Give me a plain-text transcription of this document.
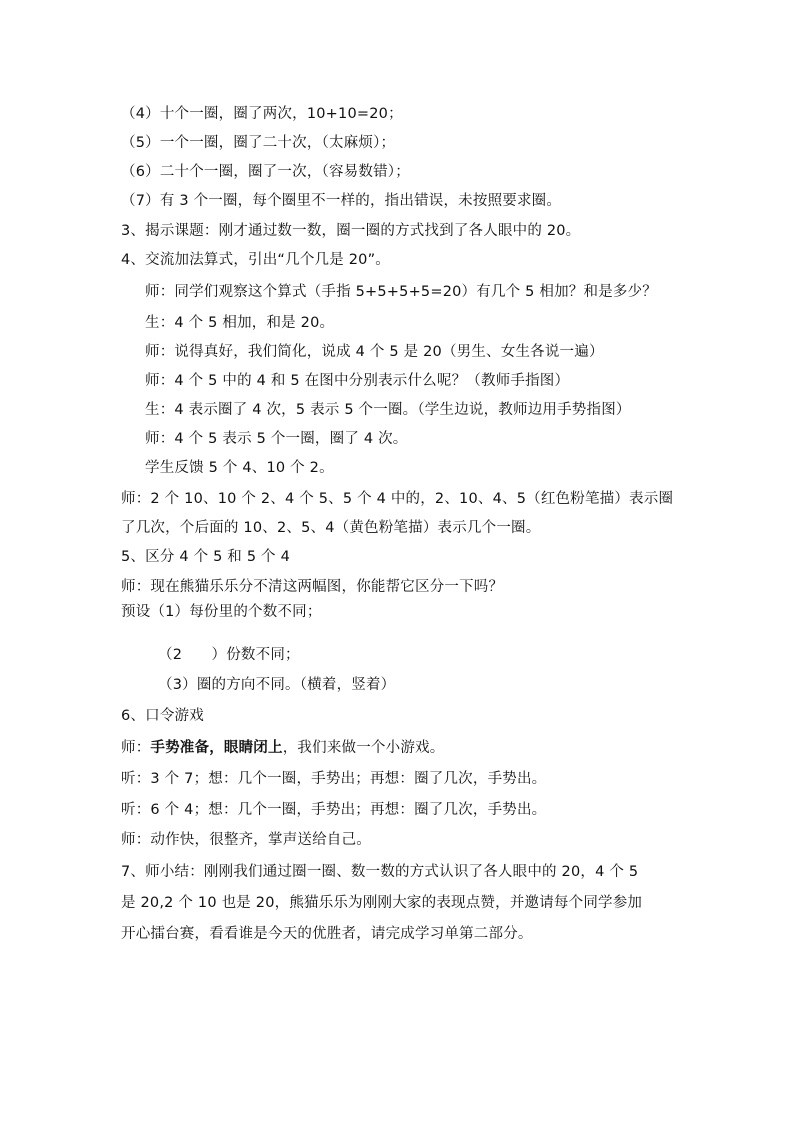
（4）十个一圈，圈了两次，10+10=20；
（5）一个一圈，圈了二十次，（太麻烦）；
（6）二十个一圈，圈了一次，（容易数错）；
（7）有 3 个一圈，每个圈里不一样的，指出错误，未按照要求圈。
3、揭示课题：刚才通过数一数，圈一圈的方式找到了各人眼中的 20。
4、交流加法算式，引出“几个几是 20”。
师：同学们观察这个算式（手指 5+5+5+5=20）有几个 5 相加？和是多少？
生：4 个 5 相加，和是 20。
师：说得真好，我们简化，说成 4 个 5 是 20（男生、女生各说一遍）
师：4 个 5 中的 4 和 5 在图中分别表示什么呢？（教师手指图）
生：4 表示圈了 4 次，5 表示 5 个一圈。（学生边说，教师边用手势指图）
师：4 个 5 表示 5 个一圈，圈了 4 次。
学生反馈 5 个 4、10 个 2。
师：2 个 10、10 个 2、4 个 5、5 个 4 中的，2、10、4、5（红色粉笔描）表示圈
了几次，个后面的 10、2、5、4（黄色粉笔描）表示几个一圈。
5、区分 4 个 5 和 5 个 4
师：现在熊猫乐乐分不清这两幅图，你能帮它区分一下吗？
预设（1）每份里的个数不同；
（2　　）份数不同；
（3）圈的方向不同。（横着，竖着）
6、口令游戏
师：手势准备，眼睛闭上，我们来做一个小游戏。
听：3 个 7；想：几个一圈，手势出；再想：圈了几次，手势出。
听：6 个 4；想：几个一圈，手势出；再想：圈了几次，手势出。
师：动作快，很整齐，掌声送给自己。
7、师小结：刚刚我们通过圈一圈、数一数的方式认识了各人眼中的 20，4 个 5
是 20,2 个 10 也是 20，熊猫乐乐为刚刚大家的表现点赞，并邀请每个同学参加
开心擂台赛，看看谁是今天的优胜者，请完成学习单第二部分。
